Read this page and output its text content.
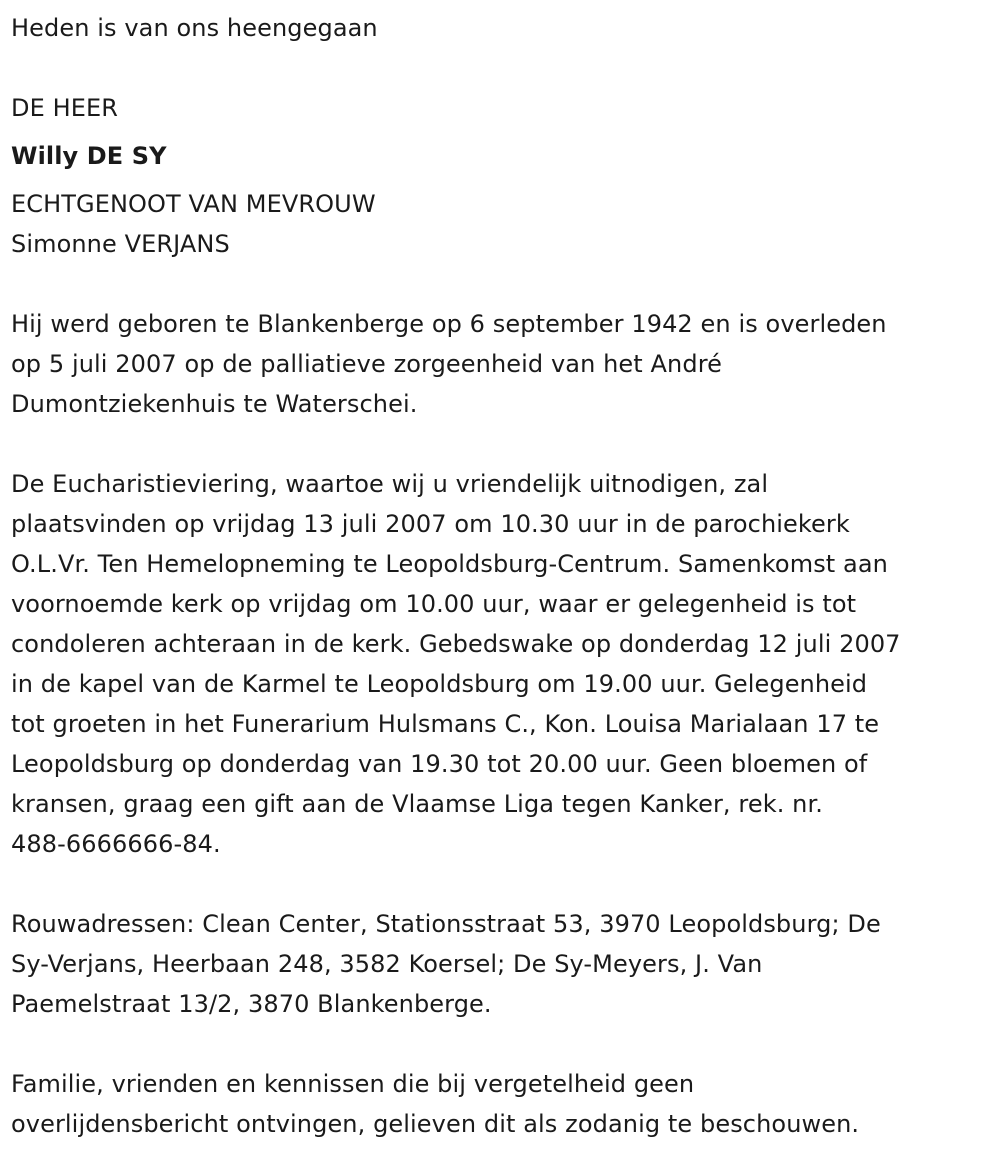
Heden is van ons heengegaan
DE HEER
Willy DE SY
ECHTGENOOT VAN MEVROUW
Simonne VERJANS
Hij werd geboren te Blankenberge op 6 september 1942 en is overleden
op 5 juli 2007 op de palliatieve zorgeenheid van het André
Dumontziekenhuis te Waterschei.
De Eucharistieviering, waartoe wij u vriendelijk uitnodigen, zal
plaatsvinden op vrijdag 13 juli 2007 om 10.30 uur in de parochiekerk
O.L.Vr. Ten Hemelopneming te Leopoldsburg-Centrum. Samenkomst aan
voornoemde kerk op vrijdag om 10.00 uur, waar er gelegenheid is tot
condoleren achteraan in de kerk. Gebedswake op donderdag 12 juli 2007
in de kapel van de Karmel te Leopoldsburg om 19.00 uur. Gelegenheid
tot groeten in het Funerarium Hulsmans C., Kon. Louisa Marialaan 17 te
Leopoldsburg op donderdag van 19.30 tot 20.00 uur. Geen bloemen of
kransen, graag een gift aan de Vlaamse Liga tegen Kanker, rek. nr.
488-6666666-84.
Rouwadressen: Clean Center, Stationsstraat 53, 3970 Leopoldsburg; De
Sy-Verjans, Heerbaan 248, 3582 Koersel; De Sy-Meyers, J. Van
Paemelstraat 13/2, 3870 Blankenberge.
Familie, vrienden en kennissen die bij vergetelheid geen
overlijdensbericht ontvingen, gelieven dit als zodanig te beschouwen.
